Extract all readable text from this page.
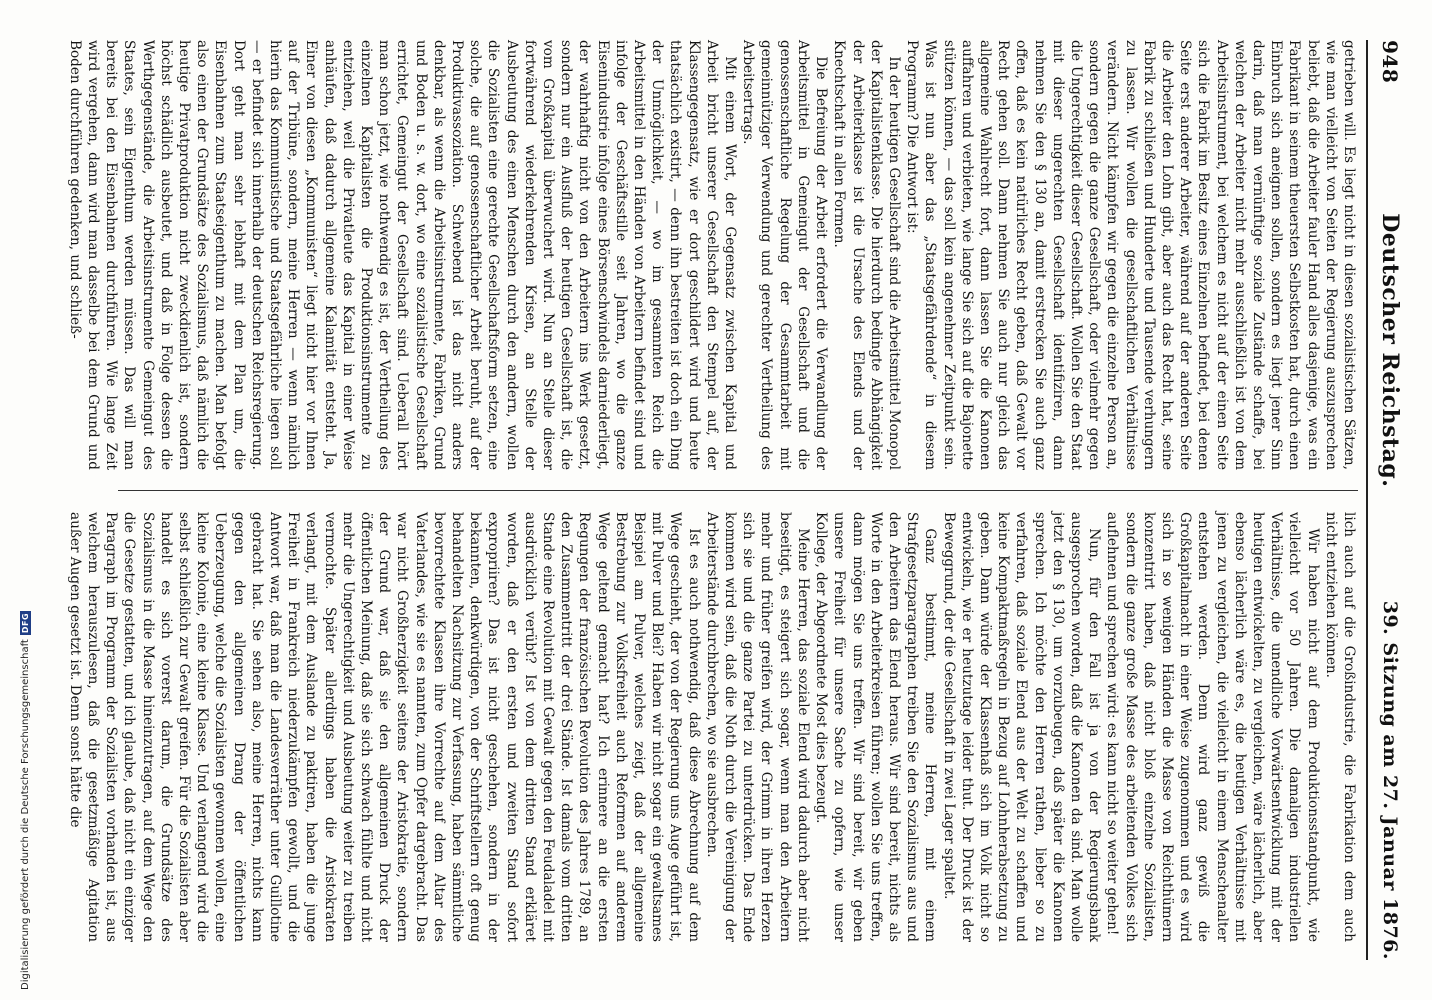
948
Deutscher Reichstag.
39. Sitzung am 27. Januar 1876.

getrieben will. Es liegt nicht in diesen sozialistischen Sätzen, wie man vielleicht von Seiten der Regierung auszusprechen beliebt, daß die Arbeiter fauler Hand alles dasjenige, was ein Fabrikant in seinem theuersten Selbstkosten hat, durch einen Einbruch sich aneignen sollen, sondern es liegt jener Sinn darin, daß man vernünftige soziale Zustände schaffe, bei welchen der Arbeiter nicht mehr ausschließlich ist von dem Arbeitsinstrument, bei welchem es nicht auf der einen Seite sich die Fabrik im Besitz eines Einzelnen befindet, bei denen Seite erst anderer Arbeiter, während auf der anderen Seite die Arbeiter den Lohn gibt, aber auch das Recht hat, seine Fabrik zu schließen und Hunderte und Tausende verhungern zu lassen. Wir wollen die gesellschaftlichen Verhältnisse verändern. Nicht kämpfen wir gegen die einzelne Person an, sondern gegen die ganze Gesellschaft, oder vielmehr gegen die Ungerechtigkeit dieser Gesellschaft. Wollen Sie den Staat mit dieser ungerechten Gesellschaft identifiziren, dann nehmen Sie den § 130 an, damit erstrecken Sie auch ganz offen, daß es kein natürliches Recht geben, daß Gewalt vor Recht gehen soll. Dann nehmen Sie auch nur gleich das allgemeine Wahlrecht fort, dann lassen Sie die Kanonen auffahren und verbieten, wie lange Sie sich auf die Bajonette stützen können, — das soll kein angenehmer Zeitpunkt sein. Was ist nun aber das „Staatsgefährdende“ in diesem Programm? Die Antwort ist:

In der heutigen Gesellschaft sind die Arbeitsmittel Monopol der Kapitalistenklasse. Die hierdurch bedingte Abhängigkeit der Arbeiterklasse ist die Ursache des Elends und der Knechtschaft in allen Formen.

Die Befreiung der Arbeit erfordert die Verwandlung der Arbeitsmittel in Gemeingut der Gesellschaft und die genossenschaftliche Regelung der Gesammtarbeit mit gemeinnütziger Verwendung und gerechter Vertheilung des Arbeitsertrags.

Mit einem Wort, der Gegensatz zwischen Kapital und Arbeit bricht unserer Gesellschaft den Stempel auf, der Klassengegensatz, wie er dort geschildert wird und heute thatsächlich existirt, — denn ihn bestreiten ist doch ein Ding der Unmöglichkeit, — wo im gesammten Reich die Arbeitsmittel in den Händen von Arbeitern befindet sind und infolge der Geschäftsstille seit Jahren, wo die ganze Eisenindustrie infolge eines Börsenschwindels darniederliegt, der wahrhaftig nicht von den Arbeitern ins Werk gesetzt, sondern nur ein Ausfluß der heutigen Gesellschaft ist, die vom Großkapital überwuchert wird. Nun an Stelle dieser fortwährend wiederkehrenden Krisen, an Stelle der Ausbeutung des einen Menschen durch den andern, wollen die Sozialisten eine gerechte Gesellschaftsform setzen, eine solche, die auf genossenschaftlicher Arbeit beruht, auf der Produktivassoziation. Schwebend ist das nicht anders denkbar, als wenn die Arbeitsinstrumente, Fabriken, Grund und Boden u. s. w. dort, wo eine sozialistische Gesellschaft errichtet, Gemeingut der Gesellschaft sind. Ueberall hört man schon jetzt, wie nothwendig es ist, der Vertheilung des einzelnen Kapitalisten die Produktionsinstrumente zu entziehen, weil die Privatleute das Kapital in einer Weise anhäufen, daß dadurch allgemeine Kalamität entsteht. Ja, Einer von diesen „Kommunisten“ liegt nicht hier vor Ihnen auf der Tribüne, sondern, meine Herren — wenn nämlich hierin das Kommunistische und Staatsgefährliche liegen soll — er befindet sich innerhalb der deutschen Reichsregierung. Dort geht man sehr lebhaft mit dem Plan um, die Eisenbahnen zum Staatseigenthum zu machen. Man befolgt also einen der Grundsätze des Sozialismus, daß nämlich die heutige Privatproduktion nicht zweckdienlich ist, sondern höchst schädlich ausbeutet, und daß in Folge dessen die Werthgegenstände, die Arbeitsinstrumente Gemeingut des Staates, sein Eigenthum werden müssen. Das will man bereits bei den Eisenbahnen durchführen. Wie lange Zeit wird vergehen, dann wird man dasselbe bei dem Grund und Boden durchführen gedenken, und schließ-

lich auch auf die Großindustrie, die Fabrikation dem auch nicht entziehen können.

Wir haben nicht auf dem Produktionsstandpunkt, wie vielleicht vor 50 Jahren. Die damaligen industriellen Verhältnisse, die unendliche Vorwärtsentwicklung mit der heutigen entwickelten, zu vergleichen, wäre lächerlich, aber ebenso lächerlich wäre es, die heutigen Verhältnisse mit jenen zu vergleichen, die vielleicht in einem Menschenalter entstehen werden. Denn wird ganz gewiß die Großkapitalmacht in einer Weise zugenommen und es wird sich in so wenigen Händen die Masse von Reichthümern konzentrirt haben, daß nicht bloß einzelne Sozialisten, sondern die ganze große Masse des arbeitenden Volkes sich auflehnen und sprechen wird: es kann nicht so weiter gehen!

Nun, für den Fall ist ja von der Regierungsbank ausgesprochen worden, daß die Kanonen da sind. Man wolle jetzt den § 130, um vorzubeugen, daß später die Kanonen sprechen. Ich möchte den Herren rathen, lieber so zu verfahren, daß soziale Elend aus der Welt zu schaffen und keine Kompaktmaßregeln in Bezug auf Lohnherabsetzung zu geben. Dann würde der Klassenhaß sich im Volk nicht so entwickeln, wie er heutzutage leider thut. Der Druck ist der Beweggrund, der die Gesellschaft in zwei Lager spaltet.

Ganz bestimmt, meine Herren, mit einem Strafgesetzparagraphen treiben Sie den Sozialismus aus und den Arbeitern das Elend heraus. Wir sind bereit, nichts als Worte in den Arbeiterkreisen führen; wollen Sie uns treffen, dann mögen Sie uns treffen. Wir sind bereit, wir geben unsere Freiheit für unsere Sache zu opfern, wie unser Kollege, der Abgeordnete Most dies bezeugt.

Meine Herren, das soziale Elend wird dadurch aber nicht beseitigt, es steigert sich sogar, wenn man den Arbeitern mehr und früher greifen wird, der Grimm in ihren Herzen sich sie und die ganze Partei zu unterdrücken. Das Ende kommen wird sein, daß die Noth durch die Vereinigung der Arbeiterstände durchbrechen, wo sie ausbrechen.

Ist es auch nothwendig, daß diese Abrechnung auf dem Wege geschieht, der von der Regierung uns Auge geführt ist, mit Pulver und Blei? Haben wir nicht sogar ein gewaltsames Beispiel am Pulver, welches zeigt, daß der allgemeine Bestrebung zur Volksfreiheit auch Reformen auf anderem Wege geltend gemacht hat? Ich erinnere an die ersten Regungen der französischen Revolution des Jahres 1789, an den Zusammentritt der drei Stände. Ist damals vom dritten Stande eine Revolution mit Gewalt gegen den Feudaladel mit ausdrücklich verübt? Ist von dem dritten Stand erkläret worden, daß er den ersten und zweiten Stand sofort expropriiren? Das ist nicht geschehen, sondern in der bekannten, denkwürdigen, von der Schriftstellern oft genug behandelten Nachsitzung zur Verfassung, haben sämmtliche bevorrechtete Klassen ihre Vorrechte auf dem Altar des Vaterlandes, wie sie es nannten, zum Opfer dargebracht. Das war nicht Großherzigkeit seitens der Aristokratie, sondern der Grund war, daß sie den allgemeinen Druck der öffentlichen Meinung, daß sie sich schwach fühlte und nicht mehr die Ungerechtigkeit und Ausbeutung weiter zu treiben vermochte. Später allerdings haben die Aristokraten verlangt, mit dem Auslande zu paktiren, haben die junge Freiheit in Frankreich niederzukämpfen gewollt, und die Antwort war, daß man die Landesverräther unter Guillotine gebracht hat. Sie sehen also, meine Herren, nichts kann gegen den allgemeinen Drang der öffentlichen Ueberzeugung, welche die Sozialisten gewonnen wollen, eine kleine Kolonie, eine kleine Klasse. Und verlangend wird die selbst schließlich zur Gewalt greifen. Für die Sozialisten aber handelt es sich vorerst darum, die Grundsätze des Sozialismus in die Masse hineinzutragen, auf dem Wege den die Gesetze gestatten, und ich glaube, daß nicht ein einziger Paragraph im Programm der Sozialisten vorhanden ist, aus welchem herauszulesen, daß die gesetzmäßige Agitation außer Augen gesetzt ist. Denn sonst hätte die

Digitalisierung gefördert durch die Deutsche Forschungsgemeinschaft
DFG
